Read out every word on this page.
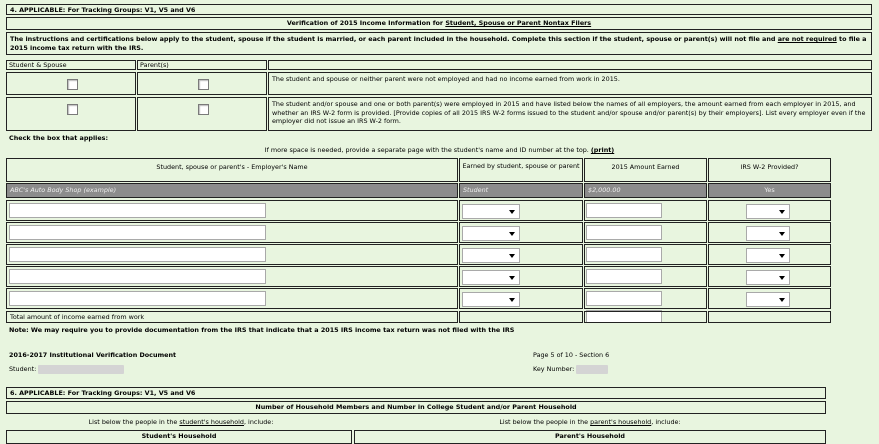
4. APPLICABLE: For Tracking Groups: V1, V5 and V6
Verification of 2015 Income Information for Student, Spouse or Parent Nontax Filers
The instructions and certifications below apply to the student, spouse if the student is married, or each parent included in the household. Complete this section if the student, spouse or parent(s) will not file and are not required to file a 2015 income tax return with the IRS.
Student & Spouse	Parent(s)
The student and spouse or neither parent were not employed and had no income earned from work in 2015.
The student and/or spouse and one or both parent(s) were employed in 2015 and have listed below the names of all employers, the amount earned from each employer in 2015, and whether an IRS W-2 form is provided. [Provide copies of all 2015 IRS W-2 forms issued to the student and/or spouse and/or parent(s) by their employers]. List every employer even if the employer did not issue an IRS W-2 form.
Check the box that applies:
If more space is needed, provide a separate page with the student's name and ID number at the top. (print)
Student, spouse or parent's - Employer's Name	Earned by student, spouse or parent	2015 Amount Earned	IRS W-2 Provided?
ABC's Auto Body Shop (example)	Student	$2,000.00	Yes
Total amount of income earned from work
Note: We may require you to provide documentation from the IRS that indicate that a 2015 IRS income tax return was not filed with the IRS
2016-2017 Institutional Verification Document
Student:
Page 5 of 10 - Section 6
Key Number:
6. APPLICABLE: For Tracking Groups: V1, V5 and V6
Number of Household Members and Number in College Student and/or Parent Household
List below the people in the student's household, include:	List below the people in the parent's household, include:
Student's Household	Parent's Household
